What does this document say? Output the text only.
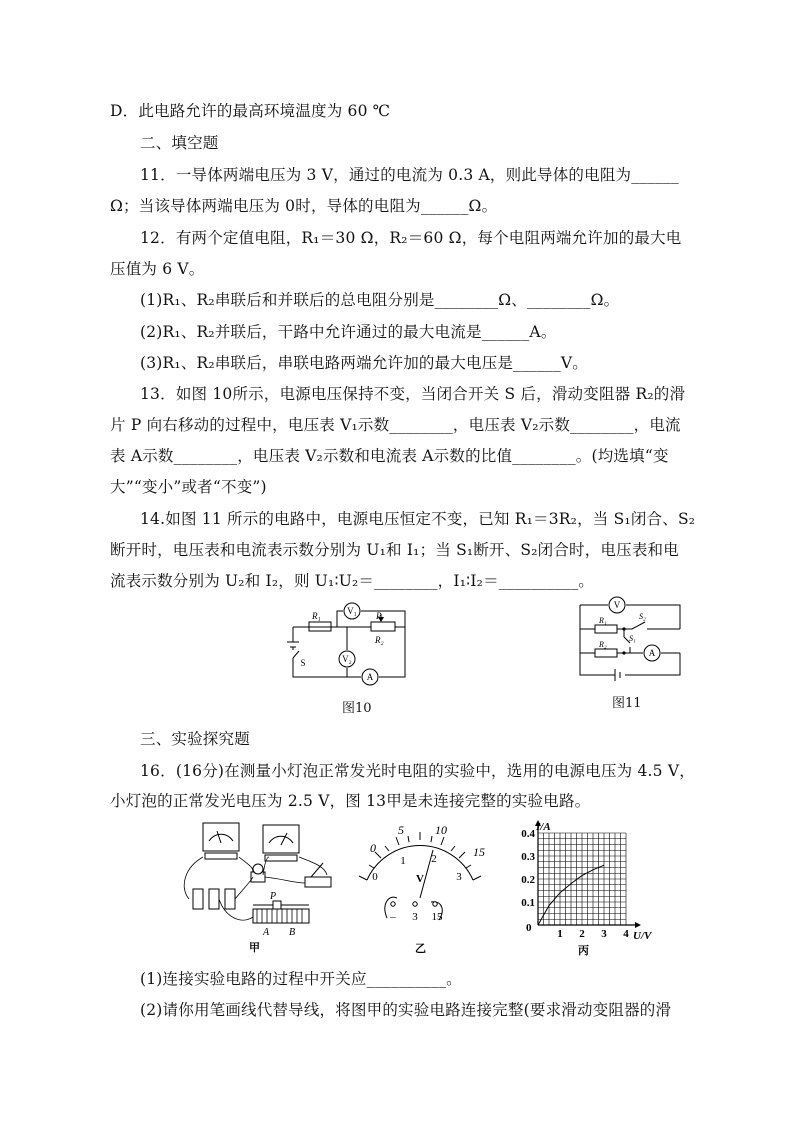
D．此电路允许的最高环境温度为 60 ℃
二、填空题
11．一导体两端电压为 3 V，通过的电流为 0.3 A，则此导体的电阻为______
Ω；当该导体两端电压为 0时，导体的电阻为______Ω。
12．有两个定值电阻，R₁＝30 Ω，R₂＝60 Ω，每个电阻两端允许加的最大电
压值为 6 V。
(1)R₁、R₂串联后和并联后的总电阻分别是________Ω、________Ω。
(2)R₁、R₂并联后，干路中允许通过的最大电流是______A。
(3)R₁、R₂串联后，串联电路两端允许加的最大电压是______V。
13．如图 10所示，电源电压保持不变，当闭合开关 S 后，滑动变阻器 R₂的滑
片 P 向右移动的过程中，电压表 V₁示数________，电压表 V₂示数________，电流
表 A示数________，电压表 V₂示数和电流表 A示数的比值________。(均选填“变
大”“变小”或者“不变”)
14.如图 11 所示的电路中，电源电压恒定不变，已知 R₁＝3R₂，当 S₁闭合、S₂
断开时，电压表和电流表示数分别为 U₁和 I₁；当 S₁断开、S₂闭合时，电压表和电
流表示数分别为 U₂和 I₂，则 U₁∶U₂＝________，I₁∶I₂＝__________。
R₁	P
R₂
V₁
V₂
A
S
图10
V
A
R₁
R₂
S₂
S₁
图11
三、实验探究题
16．(16分)在测量小灯泡正常发光时电阻的实验中，选用的电源电压为 4.5 V，
小灯泡的正常发光电压为 2.5 V，图 13甲是未连接完整的实验电路。
P
A B
甲
0
5	10
15
0
1 2
3
V
– 3 15
乙
1 2 3 4
0.1
0.2
0.3
0.4
I/A
U/V
0
丙
(1)连接实验电路的过程中开关应__________。
(2)请你用笔画线代替导线，将图甲的实验电路连接完整(要求滑动变阻器的滑
